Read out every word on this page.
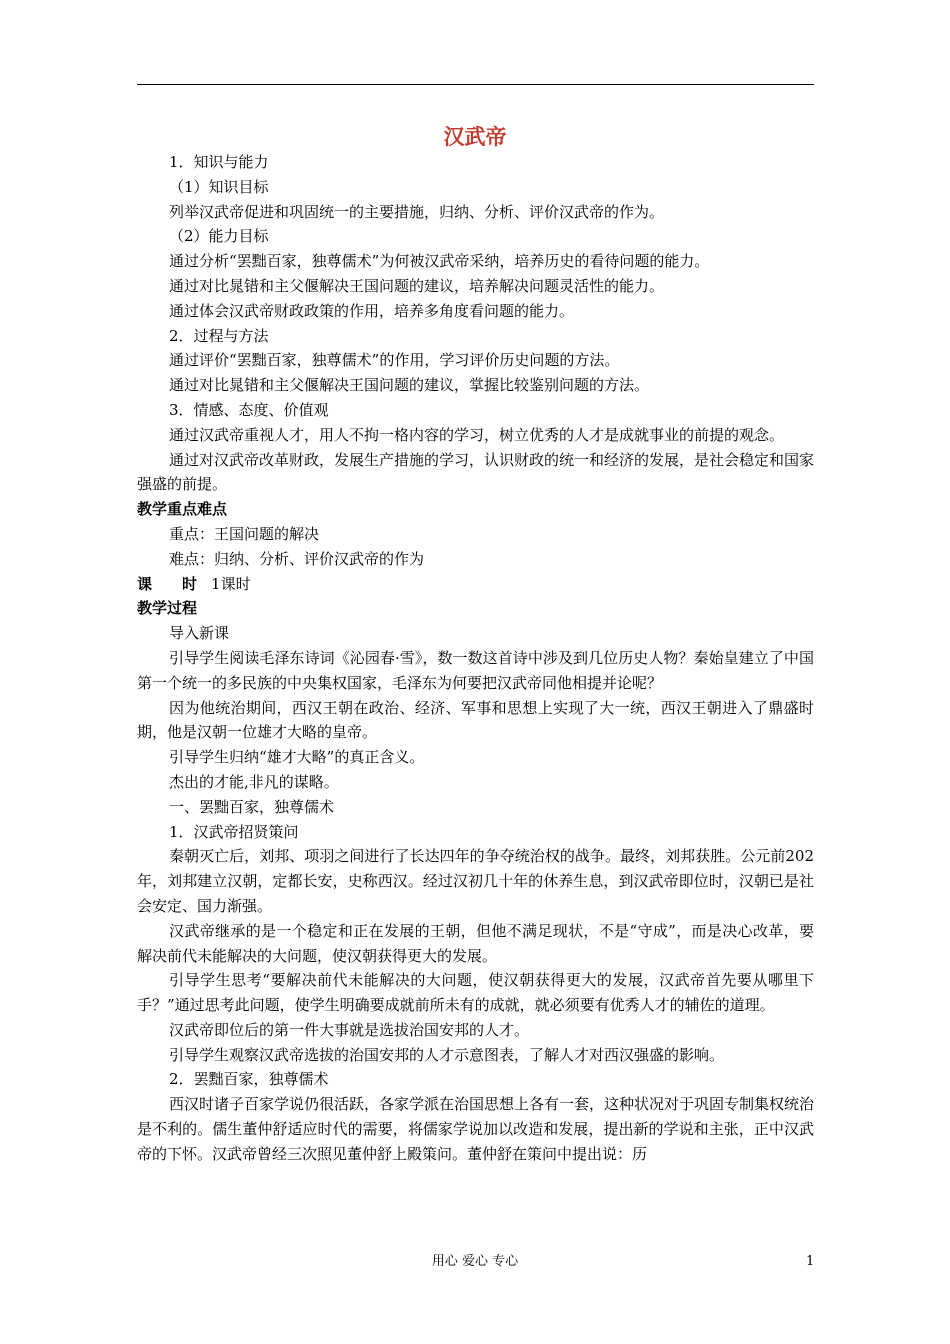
汉武帝

1．知识与能力

（1）知识目标

列举汉武帝促进和巩固统一的主要措施，归纳、分析、评价汉武帝的作为。

（2）能力目标

通过分析“罢黜百家，独尊儒术”为何被汉武帝采纳，培养历史的看待问题的能力。

通过对比晁错和主父偃解决王国问题的建议，培养解决问题灵活性的能力。

通过体会汉武帝财政政策的作用，培养多角度看问题的能力。

2．过程与方法

通过评价“罢黜百家，独尊儒术”的作用，学习评价历史问题的方法。

通过对比晁错和主父偃解决王国问题的建议，掌握比较鉴别问题的方法。

3．情感、态度、价值观

通过汉武帝重视人才，用人不拘一格内容的学习，树立优秀的人才是成就事业的前提的观念。

通过对汉武帝改革财政，发展生产措施的学习，认识财政的统一和经济的发展，是社会稳定和国家强盛的前提。

教学重点难点

重点：王国问题的解决

难点：归纳、分析、评价汉武帝的作为

课 时 1课时

教学过程

导入新课

引导学生阅读毛泽东诗词《沁园春·雪》，数一数这首诗中涉及到几位历史人物？秦始皇建立了中国第一个统一的多民族的中央集权国家，毛泽东为何要把汉武帝同他相提并论呢？

因为他统治期间，西汉王朝在政治、经济、军事和思想上实现了大一统，西汉王朝进入了鼎盛时期，他是汉朝一位雄才大略的皇帝。

引导学生归纳“雄才大略”的真正含义。

杰出的才能,非凡的谋略。

一、罢黜百家，独尊儒术

1．汉武帝招贤策问

秦朝灭亡后，刘邦、项羽之间进行了长达四年的争夺统治权的战争。最终，刘邦获胜。公元前202年，刘邦建立汉朝，定都长安，史称西汉。经过汉初几十年的休养生息，到汉武帝即位时，汉朝已是社会安定、国力渐强。

汉武帝继承的是一个稳定和正在发展的王朝，但他不满足现状，不是“守成”，而是决心改革，要解决前代未能解决的大问题，使汉朝获得更大的发展。

引导学生思考“要解决前代未能解决的大问题，使汉朝获得更大的发展，汉武帝首先要从哪里下手？”通过思考此问题，使学生明确要成就前所未有的成就，就必须要有优秀人才的辅佐的道理。

汉武帝即位后的第一件大事就是选拔治国安邦的人才。

引导学生观察汉武帝选拔的治国安邦的人才示意图表，了解人才对西汉强盛的影响。

2．罢黜百家，独尊儒术

西汉时诸子百家学说仍很活跃，各家学派在治国思想上各有一套，这种状况对于巩固专制集权统治是不利的。儒生董仲舒适应时代的需要，将儒家学说加以改造和发展，提出新的学说和主张，正中汉武帝的下怀。汉武帝曾经三次照见董仲舒上殿策问。董仲舒在策问中提出说：历

用心 爱心 专心	1
